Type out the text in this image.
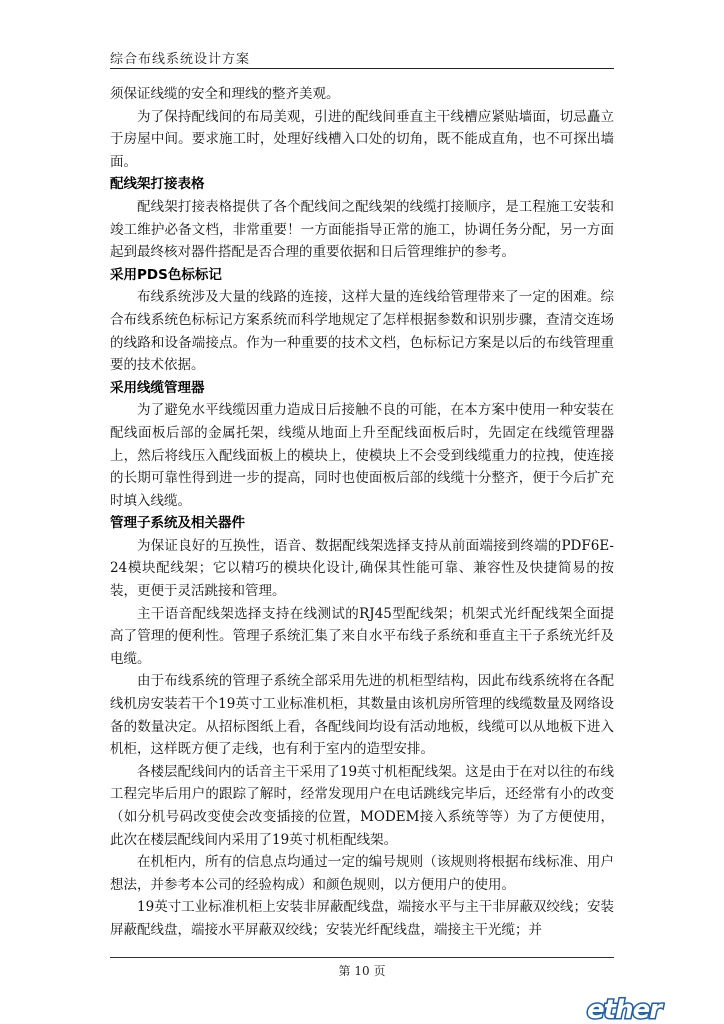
综合布线系统设计方案

须保证线缆的安全和理线的整齐美观。

为了保持配线间的布局美观，引进的配线间垂直主干线槽应紧贴墙面，切忌矗立于房屋中间。要求施工时，处理好线槽入口处的切角，既不能成直角，也不可探出墙面。

配线架打接表格

配线架打接表格提供了各个配线间之配线架的线缆打接顺序，是工程施工安装和竣工维护必备文档，非常重要！一方面能指导正常的施工，协调任务分配，另一方面起到最终核对器件搭配是否合理的重要依据和日后管理维护的参考。

采用PDS色标标记

布线系统涉及大量的线路的连接，这样大量的连线给管理带来了一定的困难。综合布线系统色标标记方案系统而科学地规定了怎样根据参数和识别步骤，查清交连场的线路和设备端接点。作为一种重要的技术文档，色标标记方案是以后的布线管理重要的技术依据。

采用线缆管理器

为了避免水平线缆因重力造成日后接触不良的可能，在本方案中使用一种安装在配线面板后部的金属托架，线缆从地面上升至配线面板后时，先固定在线缆管理器上，然后将线压入配线面板上的模块上，使模块上不会受到线缆重力的拉拽，使连接的长期可靠性得到进一步的提高，同时也使面板后部的线缆十分整齐，便于今后扩充时填入线缆。

管理子系统及相关器件

为保证良好的互换性，语音、数据配线架选择支持从前面端接到终端的PDF6E-24模块配线架；它以精巧的模块化设计,确保其性能可靠、兼容性及快捷简易的按装，更便于灵活跳接和管理。

主干语音配线架选择支持在线测试的RJ45型配线架；机架式光纤配线架全面提高了管理的便利性。管理子系统汇集了来自水平布线子系统和垂直主干子系统光纤及电缆。

由于布线系统的管理子系统全部采用先进的机柜型结构，因此布线系统将在各配线机房安装若干个19英寸工业标准机柜，其数量由该机房所管理的线缆数量及网络设备的数量决定。从招标图纸上看，各配线间均设有活动地板，线缆可以从地板下进入机柜，这样既方便了走线，也有利于室内的造型安排。

各楼层配线间内的话音主干采用了19英寸机柜配线架。这是由于在对以往的布线工程完毕后用户的跟踪了解时，经常发现用户在电话跳线完毕后，还经常有小的改变（如分机号码改变使会改变插接的位置，MODEM接入系统等等）为了方便使用，此次在楼层配线间内采用了19英寸机柜配线架。

在机柜内，所有的信息点均通过一定的编号规则（该规则将根据布线标准、用户想法，并参考本公司的经验构成）和颜色规则，以方便用户的使用。

19英寸工业标准机柜上安装非屏蔽配线盘，端接水平与主干非屏蔽双绞线；安装屏蔽配线盘，端接水平屏蔽双绞线；安装光纤配线盘，端接主干光缆；并

第 10 页
ether
